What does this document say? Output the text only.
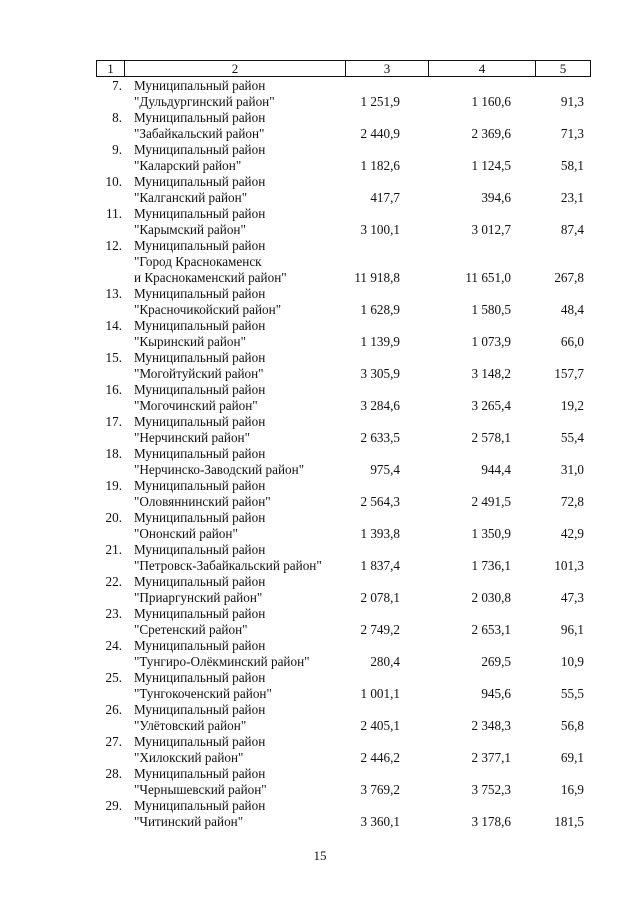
1	2	3	4	5
7. Муниципальный район
"Дульдургинский район"	1 251,9	1 160,6	91,3
8. Муниципальный район
"Забайкальский район"	2 440,9	2 369,6	71,3
9. Муниципальный район
"Каларский район"	1 182,6	1 124,5	58,1
10. Муниципальный район
"Калганский район"	417,7	394,6	23,1
11. Муниципальный район
"Карымский район"	3 100,1	3 012,7	87,4
12. Муниципальный район
"Город Краснокаменск
и Краснокаменский район"	11 918,8	11 651,0	267,8
13. Муниципальный район
"Красночикойский район"	1 628,9	1 580,5	48,4
14. Муниципальный район
"Кыринский район"	1 139,9	1 073,9	66,0
15. Муниципальный район
"Могойтуйский район"	3 305,9	3 148,2	157,7
16. Муниципальный район
"Могочинский район"	3 284,6	3 265,4	19,2
17. Муниципальный район
"Нерчинский район"	2 633,5	2 578,1	55,4
18. Муниципальный район
"Нерчинско-Заводский район"	975,4	944,4	31,0
19. Муниципальный район
"Оловяннинский район"	2 564,3	2 491,5	72,8
20. Муниципальный район
"Ононский район"	1 393,8	1 350,9	42,9
21. Муниципальный район
"Петровск-Забайкальский район"	1 837,4	1 736,1	101,3
22. Муниципальный район
"Приаргунский район"	2 078,1	2 030,8	47,3
23. Муниципальный район
"Сретенский район"	2 749,2	2 653,1	96,1
24. Муниципальный район
"Тунгиро-Олёкминский район"	280,4	269,5	10,9
25. Муниципальный район
"Тунгокоченский район"	1 001,1	945,6	55,5
26. Муниципальный район
"Улётовский район"	2 405,1	2 348,3	56,8
27. Муниципальный район
"Хилокский район"	2 446,2	2 377,1	69,1
28. Муниципальный район
"Чернышевский район"	3 769,2	3 752,3	16,9
29. Муниципальный район
"Читинский район"	3 360,1	3 178,6	181,5
15
